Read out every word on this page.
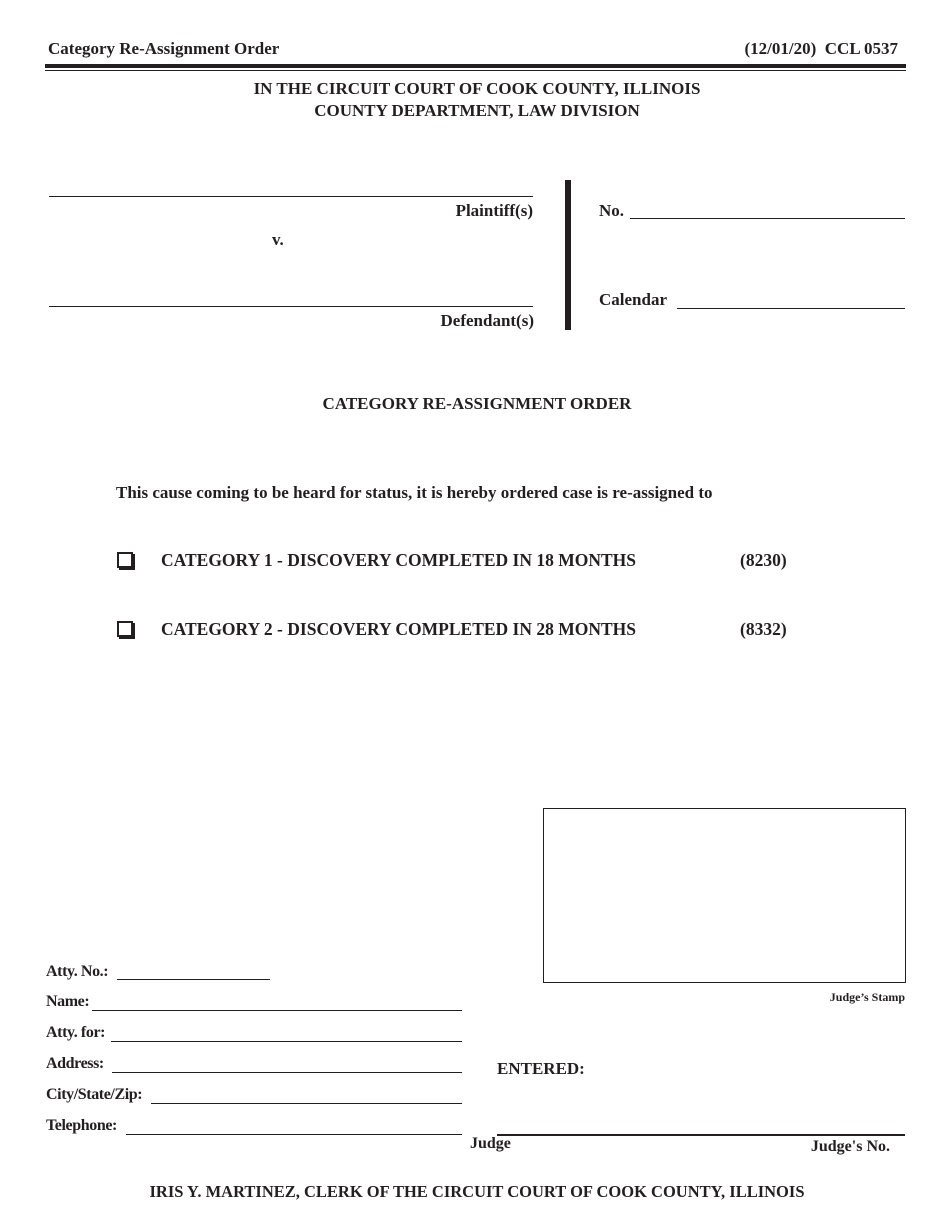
Category Re-Assignment Order	(12/01/20)  CCL 0537
IN THE CIRCUIT COURT OF COOK COUNTY, ILLINOIS
COUNTY DEPARTMENT, LAW DIVISION
Plaintiff(s)
v.
Defendant(s)
No.
Calendar
CATEGORY RE-ASSIGNMENT ORDER
This cause coming to be heard for status, it is hereby ordered case is re-assigned to
CATEGORY 1 - DISCOVERY COMPLETED IN 18 MONTHS	(8230)
CATEGORY 2 - DISCOVERY COMPLETED IN 28 MONTHS	(8332)
Judge’s Stamp
Atty. No.:
Name:
Atty. for:
Address:
City/State/Zip:
Telephone:
ENTERED:
Judge	Judge's No.
IRIS Y. MARTINEZ, CLERK OF THE CIRCUIT COURT OF COOK COUNTY, ILLINOIS
